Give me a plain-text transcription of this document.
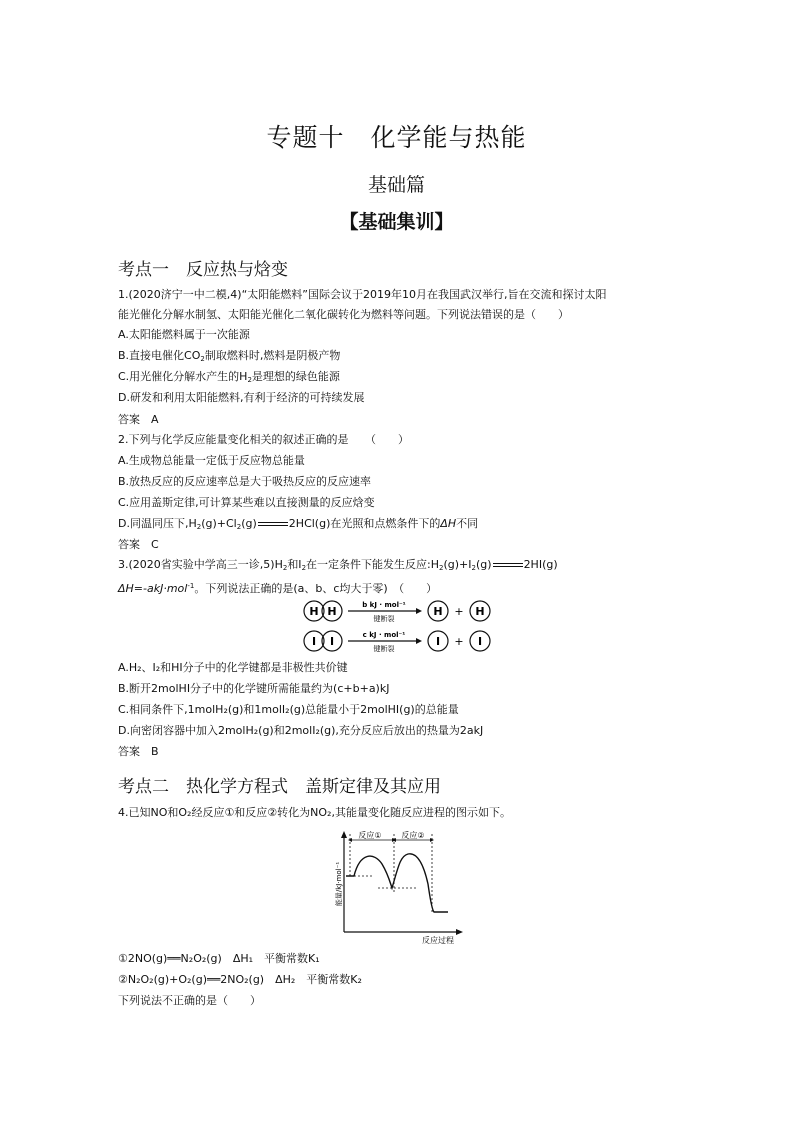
专题十　化学能与热能
基础篇
【基础集训】
考点一　反应热与焓变
1.(2020济宁一中二模,4)“太阳能燃料”国际会议于2019年10月在我国武汉举行,旨在交流和探讨太阳
能光催化分解水制氢、太阳能光催化二氧化碳转化为燃料等问题。下列说法错误的是（　　）
A.太阳能燃料属于一次能源
B.直接电催化$CO_2$制取燃料时,燃料是阴极产物
C.用光催化分解水产生的$H_2$是理想的绿色能源
D.研发和利用太阳能燃料,有利于经济的可持续发展
答案　A
2.下列与化学反应能量变化相关的叙述正确的是　　（　　）
A.生成物总能量一定低于反应物总能量
B.放热反应的反应速率总是大于吸热反应的反应速率
C.应用盖斯定律,可计算某些难以直接测量的反应焓变
D.同温同压下$,H_2(g)+Cl_2(g)$	2HCl(g)在光照和点燃条件下的ΔH不同
答案　C
3.(2020省实验中学高三一诊$,5)H_2$和$I_2$在一定条件下能发生反应$:H_2(g)+I_2(g)$	2HI(g)
ΔH=-akJ·mol$^{-1}$。下列说法正确的是(a、b、c均大于零)　（　　）
H H	b kJ · mol⁻¹
键断裂
H + H
I I	c kJ · mol⁻¹
键断裂
I + I
A.H₂、I₂和HI分子中的化学键都是非极性共价键
B.断开2molHI分子中的化学键所需能量约为(c+b+a)kJ
C.相同条件下,1molH₂(g)和1molI₂(g)总能量小于2molHI(g)的总能量
D.向密闭容器中加入2molH₂(g)和2molI₂(g),充分反应后放出的热量为2akJ
答案　B
考点二　热化学方程式　盖斯定律及其应用
4.已知NO和O₂经反应①和反应②转化为NO₂,其能量变化随反应进程的图示如下。
能量/kJ·mol⁻¹
反应过程
反应① 反应②
①2NO(g)══N₂O₂(g)　ΔH₁　平衡常数K₁
②N₂O₂(g)+O₂(g)══2NO₂(g)　ΔH₂　平衡常数K₂
下列说法不正确的是（　　）
